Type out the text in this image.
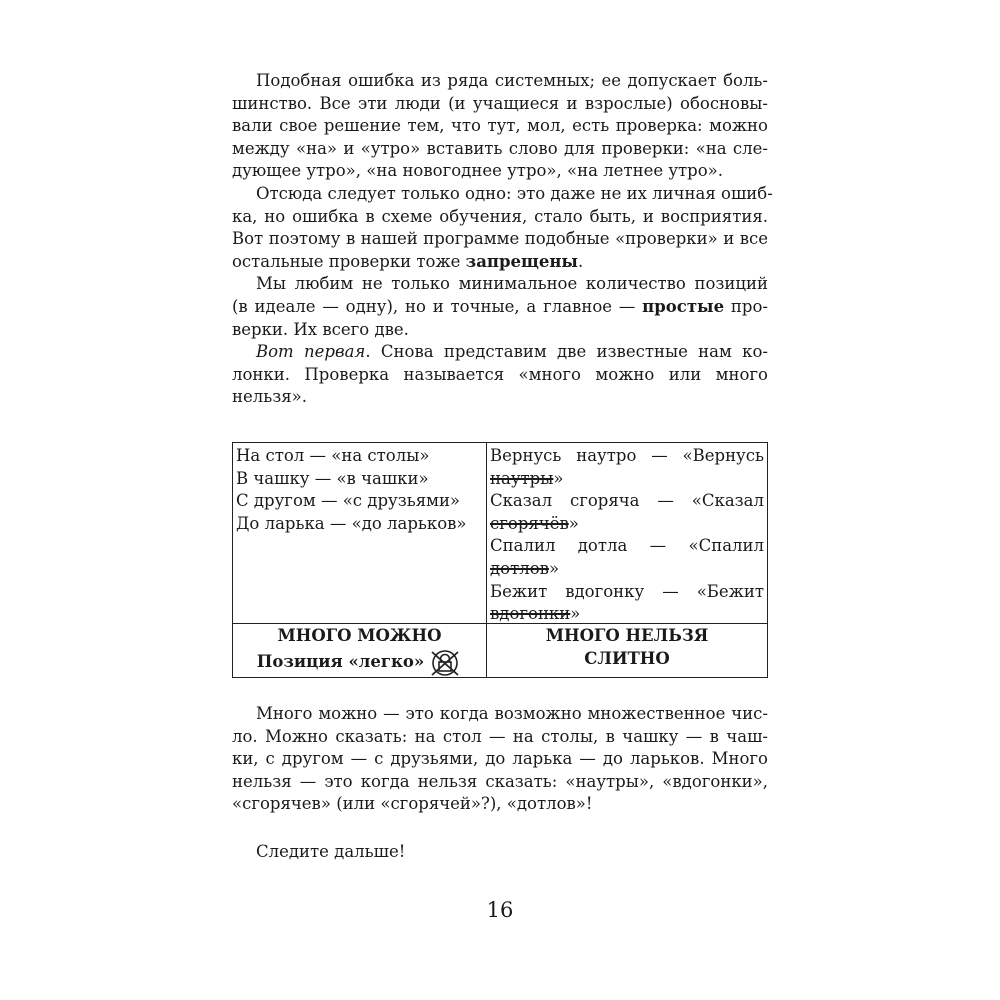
Подобная ошибка из ряда системных; ее допускает боль-
шинство. Все эти люди (и учащиеся и взрослые) обосновы-
вали свое решение тем, что тут, мол, есть проверка: можно
между «на» и «утро» вставить слово для проверки: «на сле-
дующее утро», «на новогоднее утро», «на летнее утро».

Отсюда следует только одно: это даже не их личная ошиб-
ка, но ошибка в схеме обучения, стало быть, и восприятия.
Вот поэтому в нашей программе подобные «проверки» и все
остальные проверки тоже запрещены.

Мы любим не только минимальное количество позиций
(в идеале — одну), но и точные, а главное — простые про-
верки. Их всего две.

Вот первая. Снова представим две известные нам ко-
лонки. Проверка называется «много можно или много
нельзя».

На стол — «на столы»
В чашку — «в чашки»
С другом — «с друзьями»
До ларька — «до ларьков»
Вернусь наутро — «Вернусь
наутры»
Сказал сгоряча — «Сказал
сгорячёв»
Спалил дотла — «Спалил
дотлов»
Бежит вдогонку — «Бежит
вдогонки»
МНОГО МОЖНО
Позиция «легко»
МНОГО НЕЛЬЗЯ
СЛИТНО
Много можно — это когда возможно множественное чис-
ло. Можно сказать: на стол — на столы, в чашку — в чаш-
ки, с другом — с друзьями, до ларька — до ларьков. Много
нельзя — это когда нельзя сказать: «наутры», «вдогонки»,
«сгорячев» (или «сгорячей»?), «дотлов»!
Следите дальше!
16
